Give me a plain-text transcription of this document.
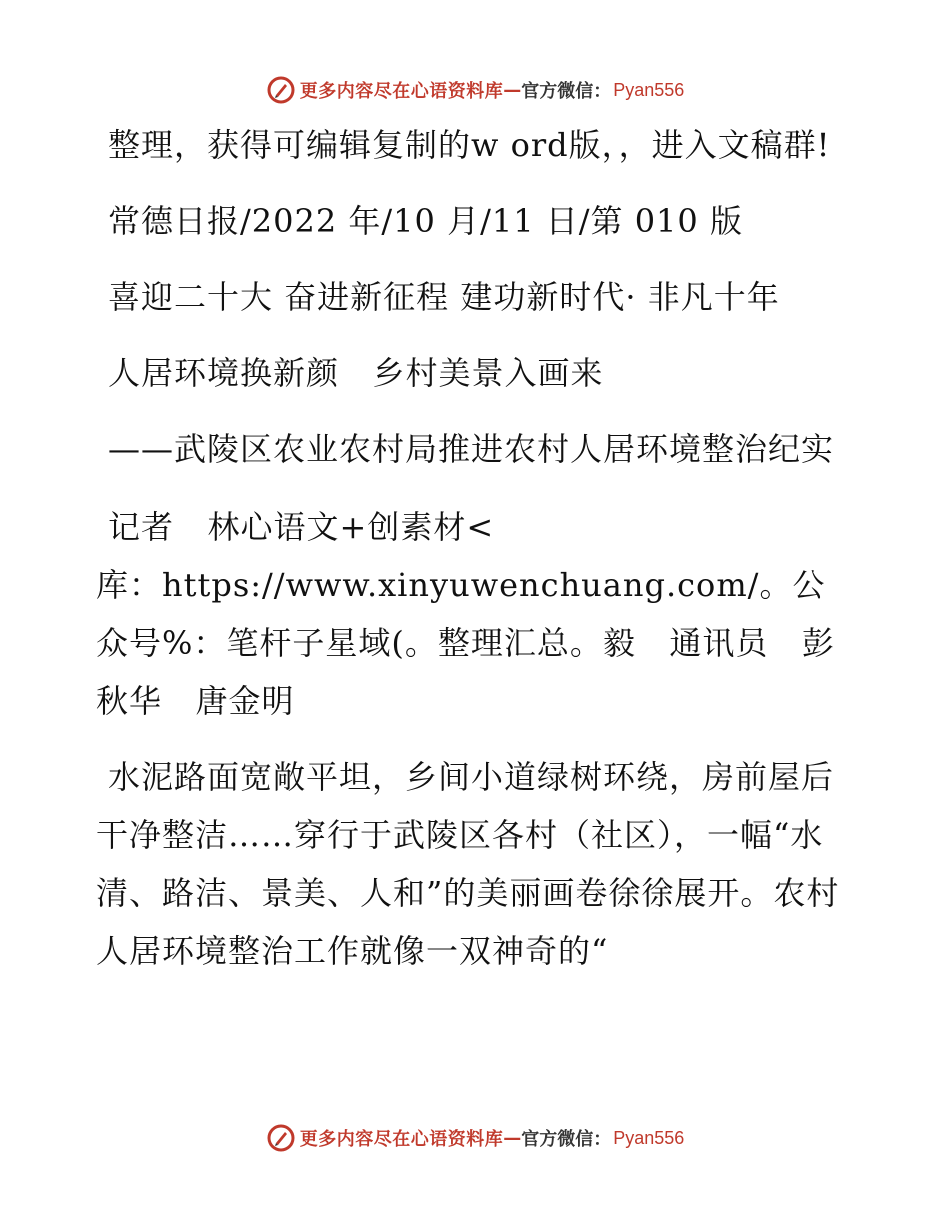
更多内容尽在心语资料库 — 官方微信： Pyan556

整理，获得可编辑复制的w ord版，，进入文稿群!

常德日报/2022 年/10 月/11 日/第 010 版

喜迎二十大 奋进新征程 建功新时代· 非凡十年

人居环境换新颜   乡村美景入画来

——武陵区农业农村局推进农村人居环境整治纪实

记者   林心语文+创素材<

库：https://www.xinyuwenchuang.com/。公众号%：笔杆子星域(。整理汇总。毅   通讯员   彭秋华   唐金明

水泥路面宽敞平坦，乡间小道绿树环绕，房前屋后干净整洁……穿行于武陵区各村（社区），一幅“水清、路洁、景美、人和”的美丽画卷徐徐展开。农村人居环境整治工作就像一双神奇的“

更多内容尽在心语资料库 — 官方微信： Pyan556
